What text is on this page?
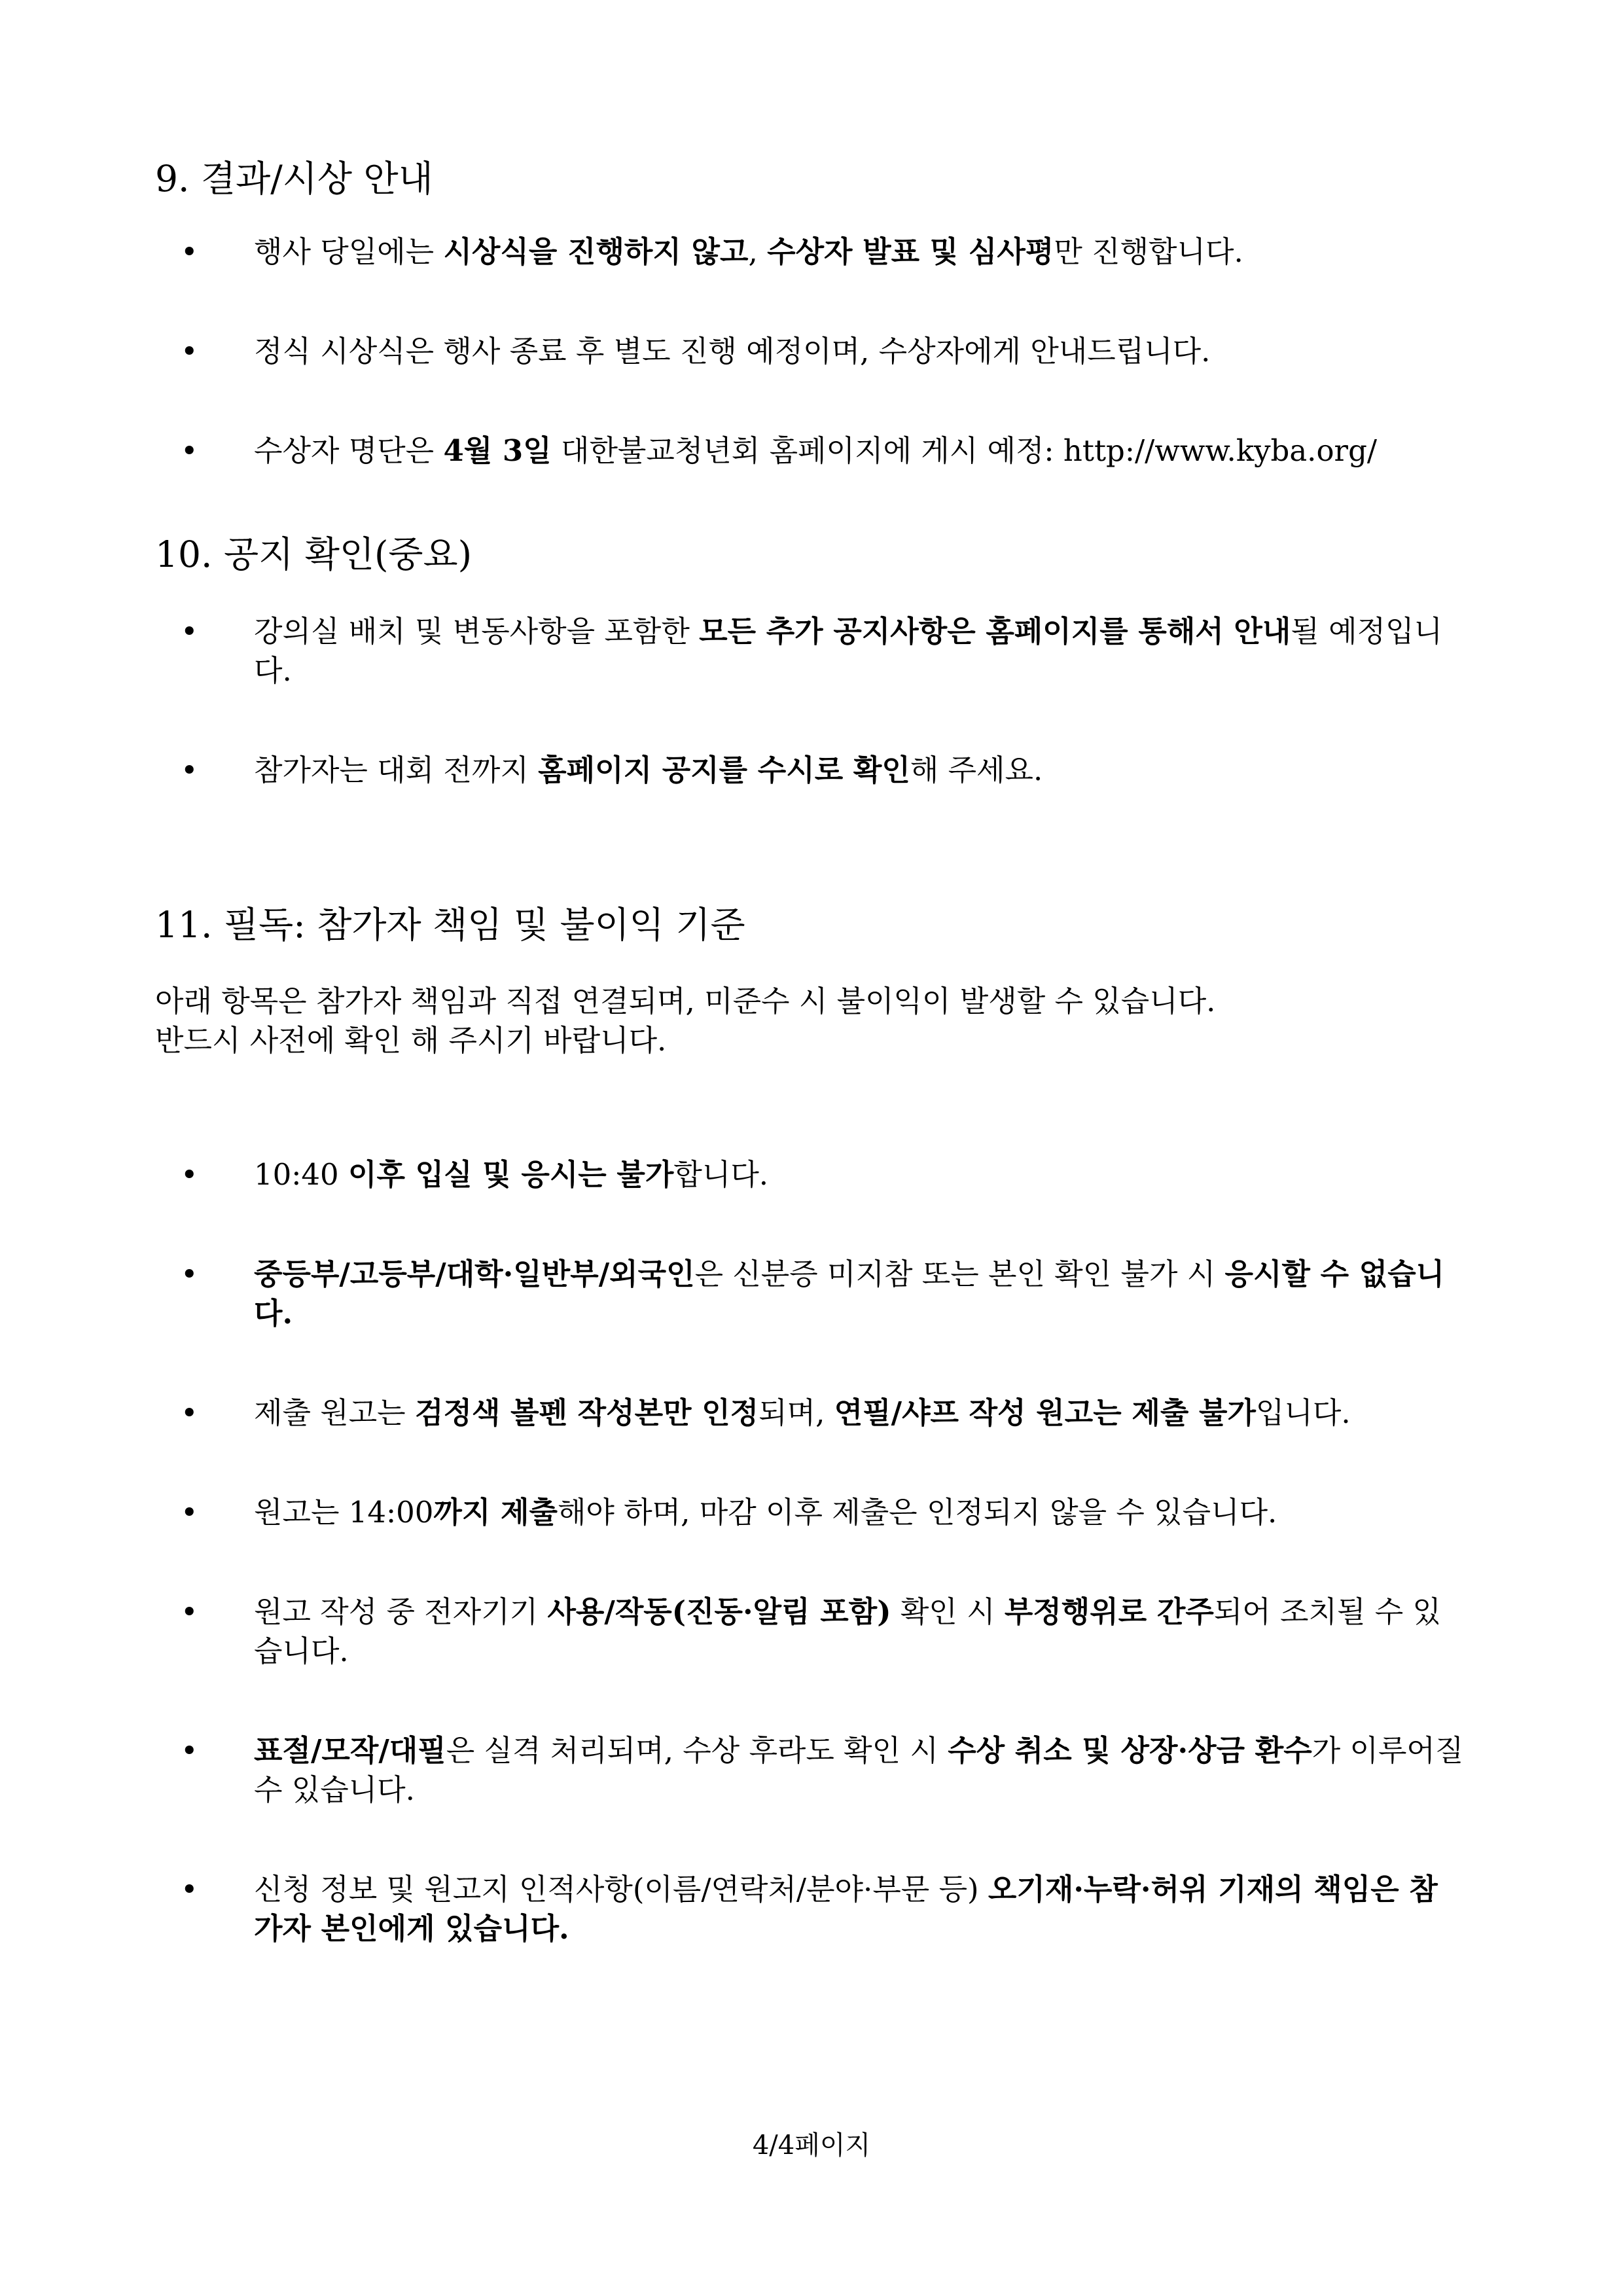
9. 결과/시상 안내
• 행사 당일에는 시상식을 진행하지 않고, 수상자 발표 및 심사평만 진행합니다.
• 정식 시상식은 행사 종료 후 별도 진행 예정이며, 수상자에게 안내드립니다.
• 수상자 명단은 4월 3일 대한불교청년회 홈페이지에 게시 예정: http://www.kyba.org/
10. 공지 확인(중요)
• 강의실 배치 및 변동사항을 포함한 모든 추가 공지사항은 홈페이지를 통해서 안내될 예정입니다.
• 참가자는 대회 전까지 홈페이지 공지를 수시로 확인해 주세요.
11. 필독: 참가자 책임 및 불이익 기준

아래 항목은 참가자 책임과 직접 연결되며, 미준수 시 불이익이 발생할 수 있습니다.
반드시 사전에 확인 해 주시기 바랍니다.

• 10:40 이후 입실 및 응시는 불가합니다.
• 중등부/고등부/대학·일반부/외국인은 신분증 미지참 또는 본인 확인 불가 시 응시할 수 없습니다.
• 제출 원고는 검정색 볼펜 작성본만 인정되며, 연필/샤프 작성 원고는 제출 불가입니다.
• 원고는 14:00까지 제출해야 하며, 마감 이후 제출은 인정되지 않을 수 있습니다.
• 원고 작성 중 전자기기 사용/작동(진동·알림 포함) 확인 시 부정행위로 간주되어 조치될 수 있습니다.
• 표절/모작/대필은 실격 처리되며, 수상 후라도 확인 시 수상 취소 및 상장·상금 환수가 이루어질 수 있습니다.
• 신청 정보 및 원고지 인적사항(이름/연락처/분야·부문 등) 오기재·누락·허위 기재의 책임은 참가자 본인에게 있습니다.
4/4페이지
